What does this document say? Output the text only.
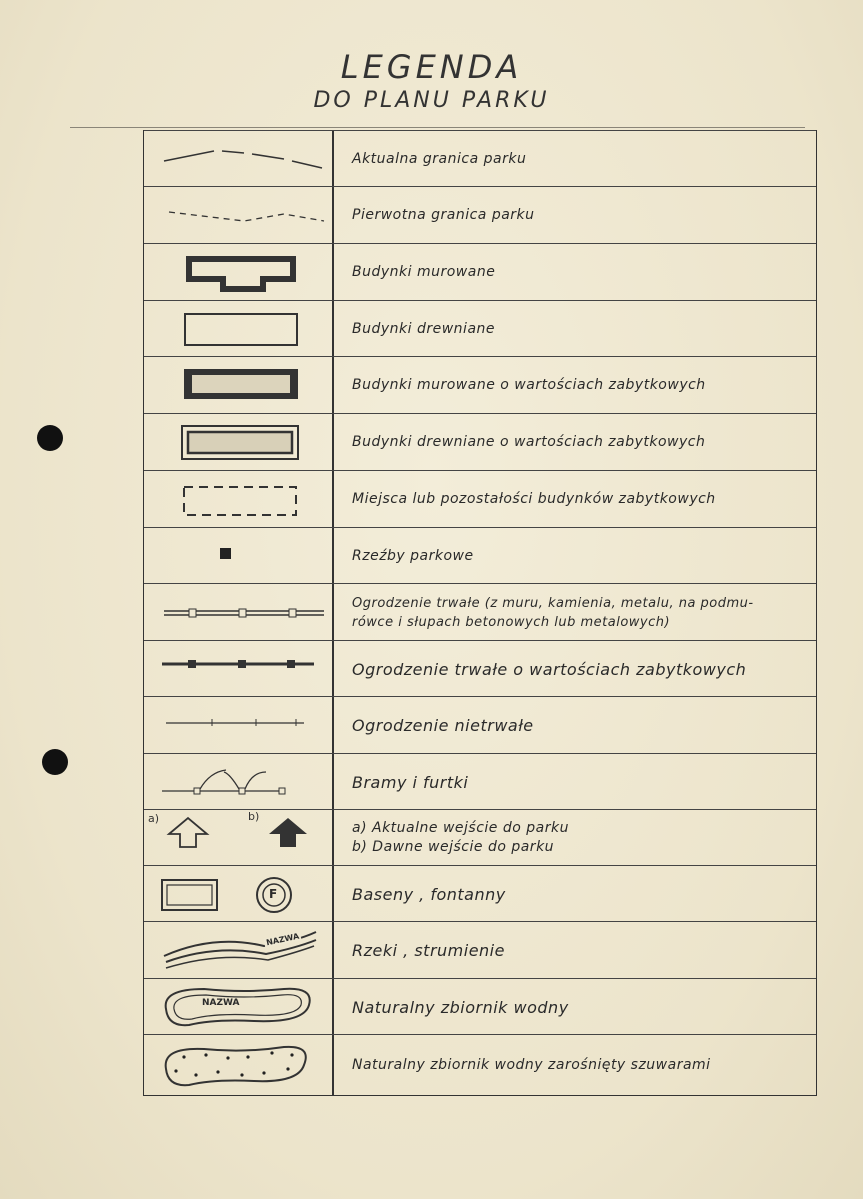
LEGENDA
DO PLANU PARKU
Aktualna granica parku
Pierwotna granica parku
Budynki murowane
Budynki drewniane
Budynki murowane o wartościach zabytkowych
Budynki drewniane o wartościach zabytkowych
Miejsca lub pozostałości budynków zabytkowych
Rzeźby parkowe
Ogrodzenie trwałe (z muru, kamienia, metalu, na podmu-
rówce i słupach betonowych lub metalowych)
Ogrodzenie trwałe o wartościach zabytkowych
Ogrodzenie nietrwałe
Bramy i furtki
a)	b)
a) Aktualne wejście do parku
b) Dawne wejście do parku
F	Baseny , fontanny
NAZWA
Rzeki , strumienie
NAZWA	Naturalny zbiornik wodny
Naturalny zbiornik wodny zarośnięty szuwarami
